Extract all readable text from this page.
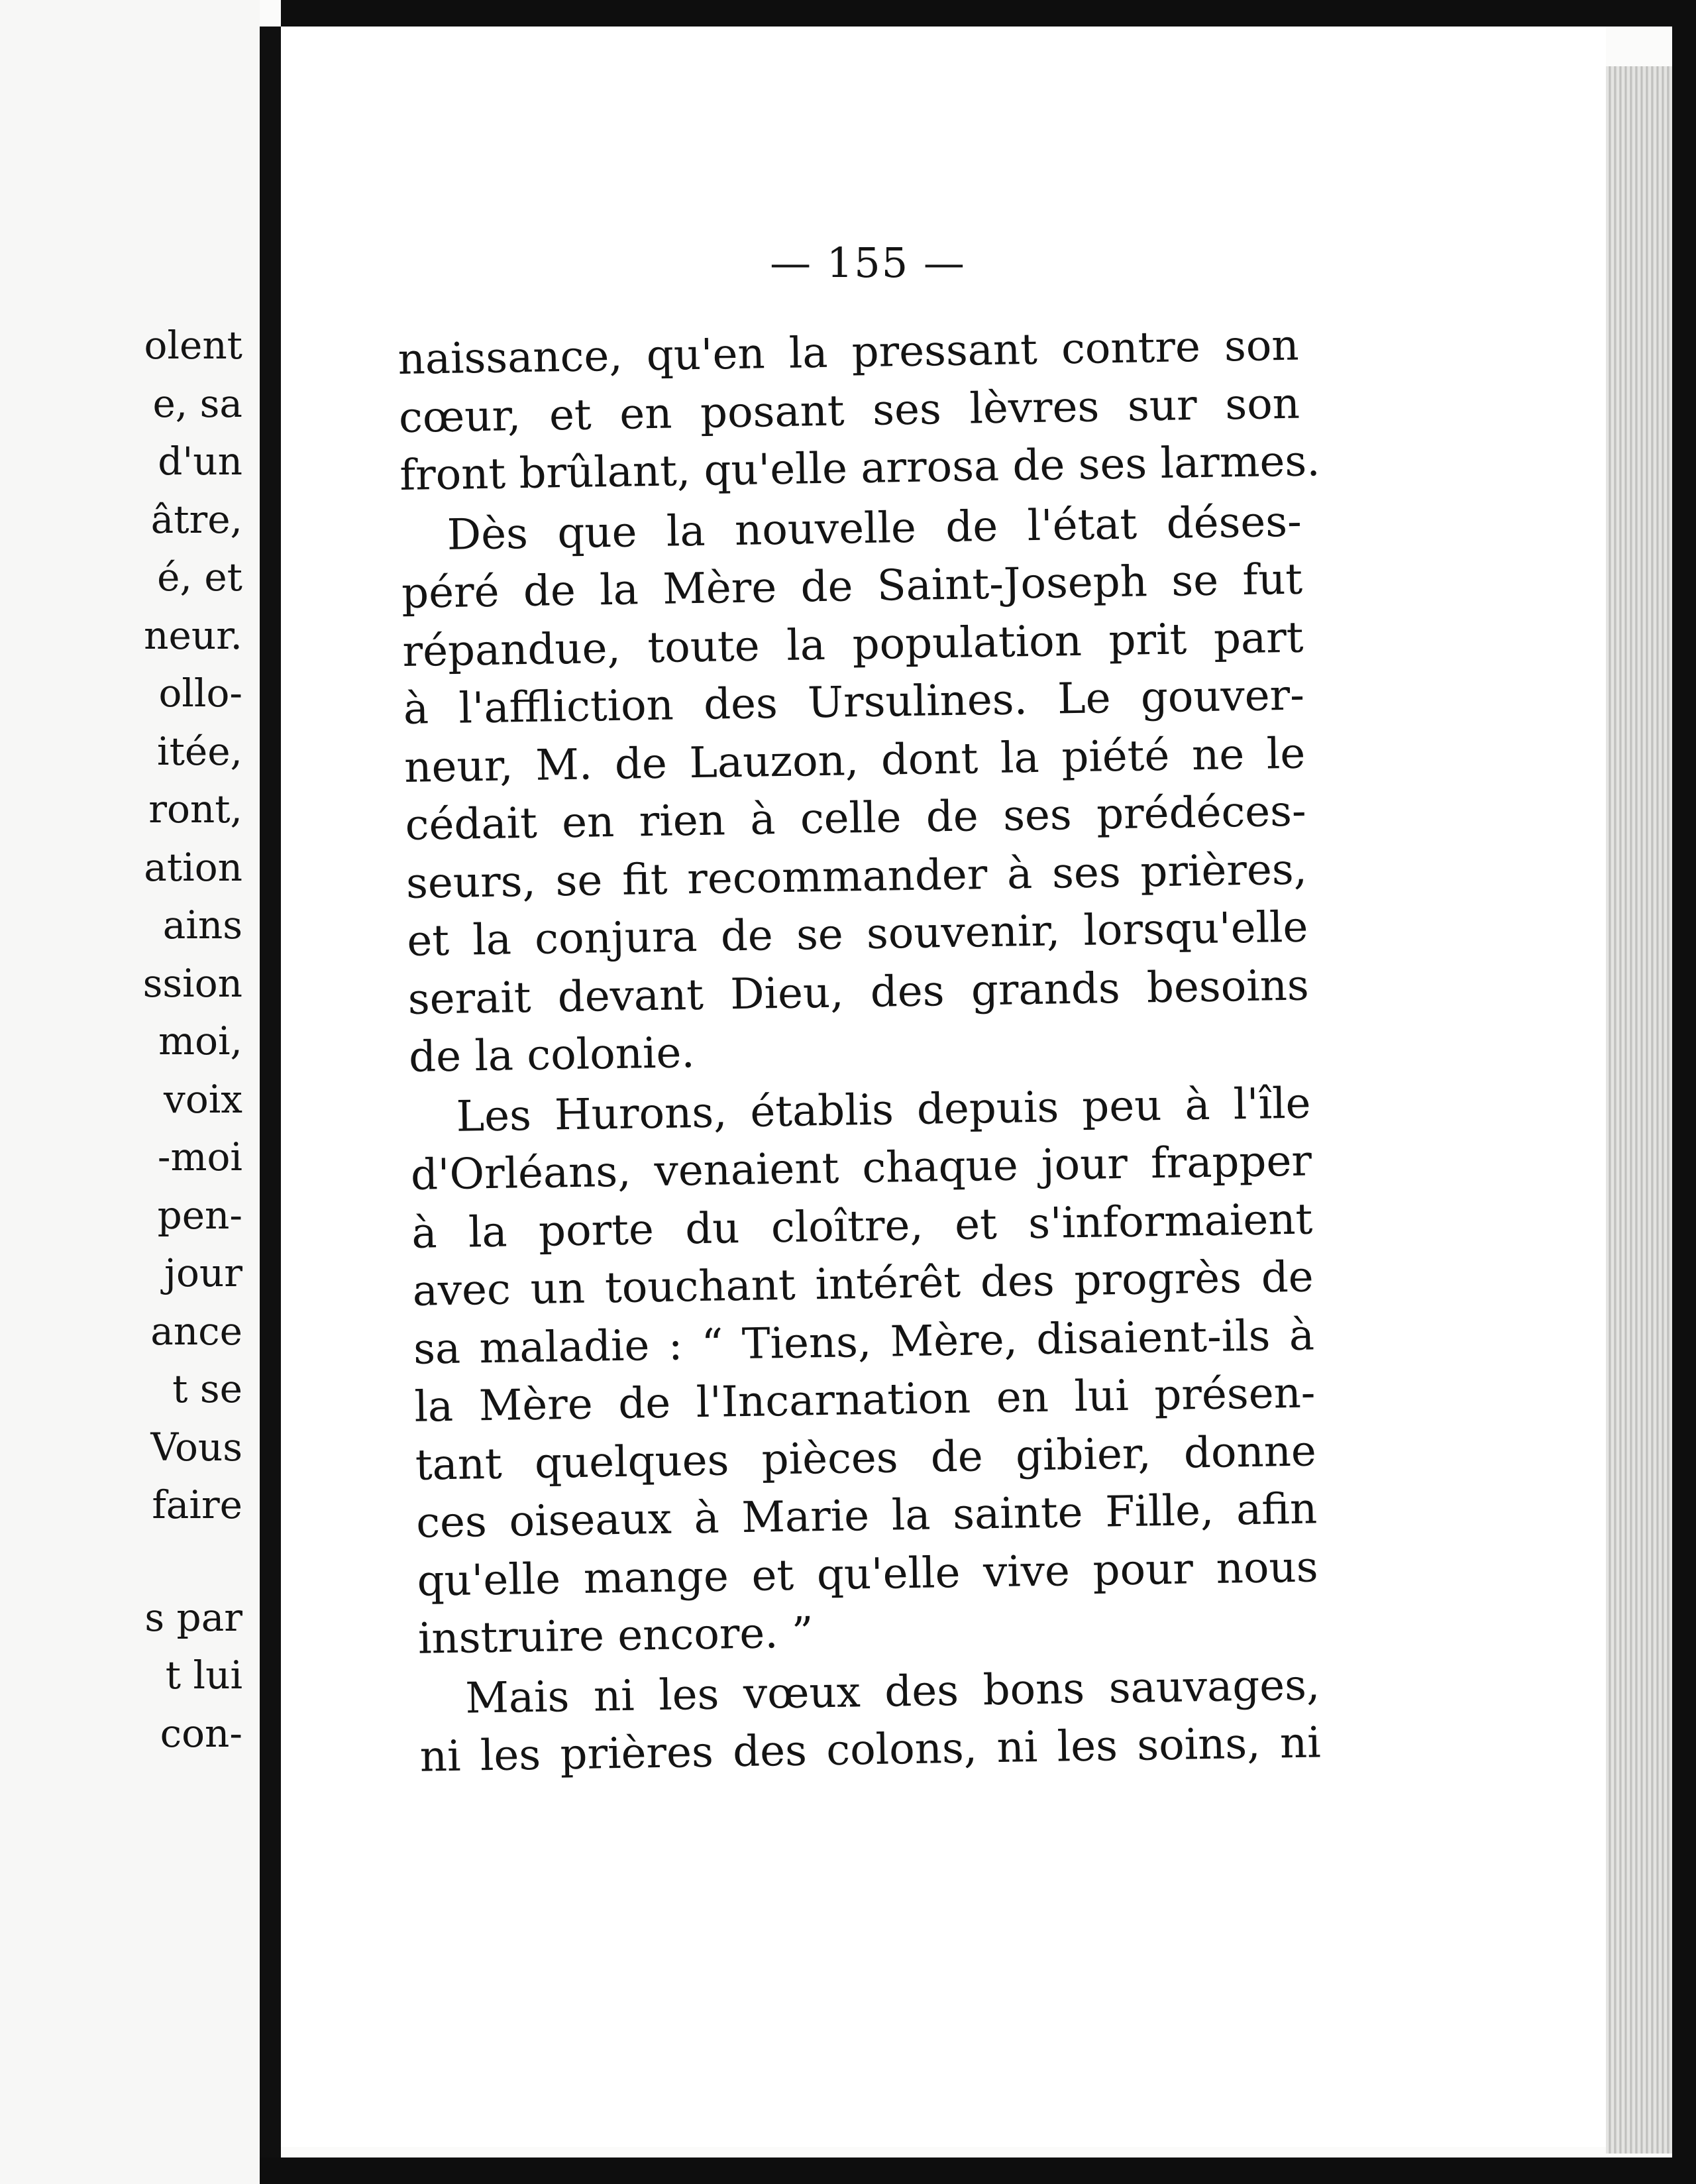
olent
e, sa
d'un
âtre,
é, et
neur.
ollo-
itée,
ront,
ation
ains
ssion
moi,
voix
-moi
pen-
jour
ance
t se
Vous
faire
s par
t lui
con-
— 155 —
naissance, qu'en la pressant contre son
cœur, et en posant ses lèvres sur son
front brûlant, qu'elle arrosa de ses larmes.
Dès que la nouvelle de l'état déses-
péré de la Mère de Saint-Joseph se fut
répandue, toute la population prit part
à l'affliction des Ursulines. Le gouver-
neur, M. de Lauzon, dont la piété ne le
cédait en rien à celle de ses prédéces-
seurs, se fit recommander à ses prières,
et la conjura de se souvenir, lorsqu'elle
serait devant Dieu, des grands besoins
de la colonie.
Les Hurons, établis depuis peu à l'île
d'Orléans, venaient chaque jour frapper
à la porte du cloître, et s'informaient
avec un touchant intérêt des progrès de
sa maladie : “ Tiens, Mère, disaient-ils à
la Mère de l'Incarnation en lui présen-
tant quelques pièces de gibier, donne
ces oiseaux à Marie la sainte Fille, afin
qu'elle mange et qu'elle vive pour nous
instruire encore. ”
Mais ni les vœux des bons sauvages,
ni les prières des colons, ni les soins, ni
